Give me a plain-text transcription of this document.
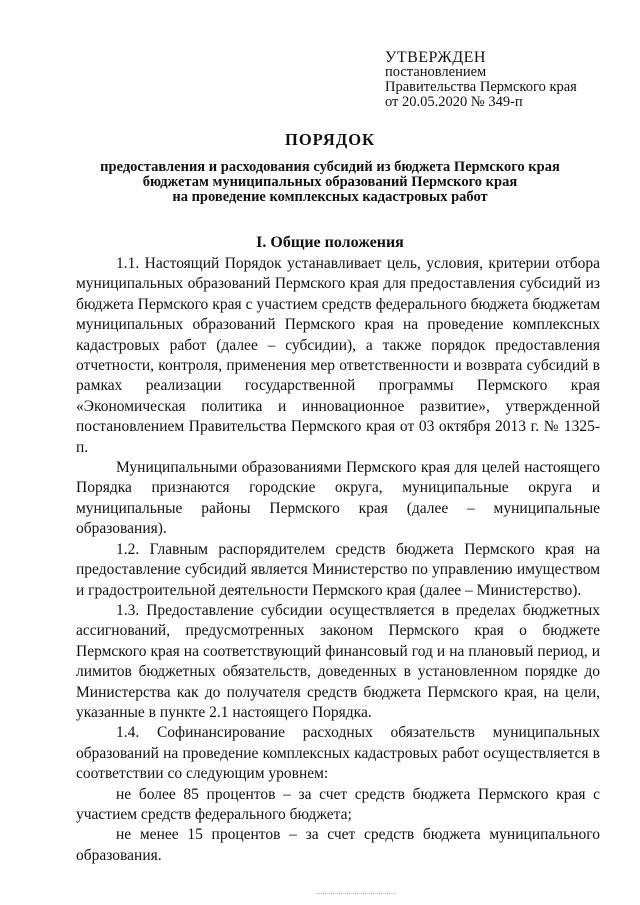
УТВЕРЖДЕН
постановлением
Правительства Пермского края
от 20.05.2020 № 349-п
ПОРЯДОК
предоставления и расходования субсидий из бюджета Пермского края
бюджетам муниципальных образований Пермского края
на проведение комплексных кадастровых работ
I. Общие положения

1.1. Настоящий Порядок устанавливает цель, условия, критерии отбора муниципальных образований Пермского края для предоставления субсидий из бюджета Пермского края с участием средств федерального бюджета бюджетам муниципальных образований Пермского края на проведение комплексных кадастровых работ (далее – субсидии), а также порядок предоставления отчетности, контроля, применения мер ответственности и возврата субсидий в рамках реализации государственной программы Пермского края «Экономическая политика и инновационное развитие», утвержденной постановлением Правительства Пермского края от 03 октября 2013 г. № 1325-п.

Муниципальными образованиями Пермского края для целей настоящего Порядка признаются городские округа, муниципальные округа и муниципальные районы Пермского края (далее – муниципальные образования).

1.2. Главным распорядителем средств бюджета Пермского края на предоставление субсидий является Министерство по управлению имуществом и градостроительной деятельности Пермского края (далее – Министерство).

1.3. Предоставление субсидии осуществляется в пределах бюджетных ассигнований, предусмотренных законом Пермского края о бюджете Пермского края на соответствующий финансовый год и на плановый период, и лимитов бюджетных обязательств, доведенных в установленном порядке до Министерства как до получателя средств бюджета Пермского края, на цели, указанные в пункте 2.1 настоящего Порядка.

1.4. Софинансирование расходных обязательств муниципальных образований на проведение комплексных кадастровых работ осуществляется в соответствии со следующим уровнем:

не более 85 процентов – за счет средств бюджета Пермского края с участием средств федерального бюджета;

не менее 15 процентов – за счет средств бюджета муниципального образования.
